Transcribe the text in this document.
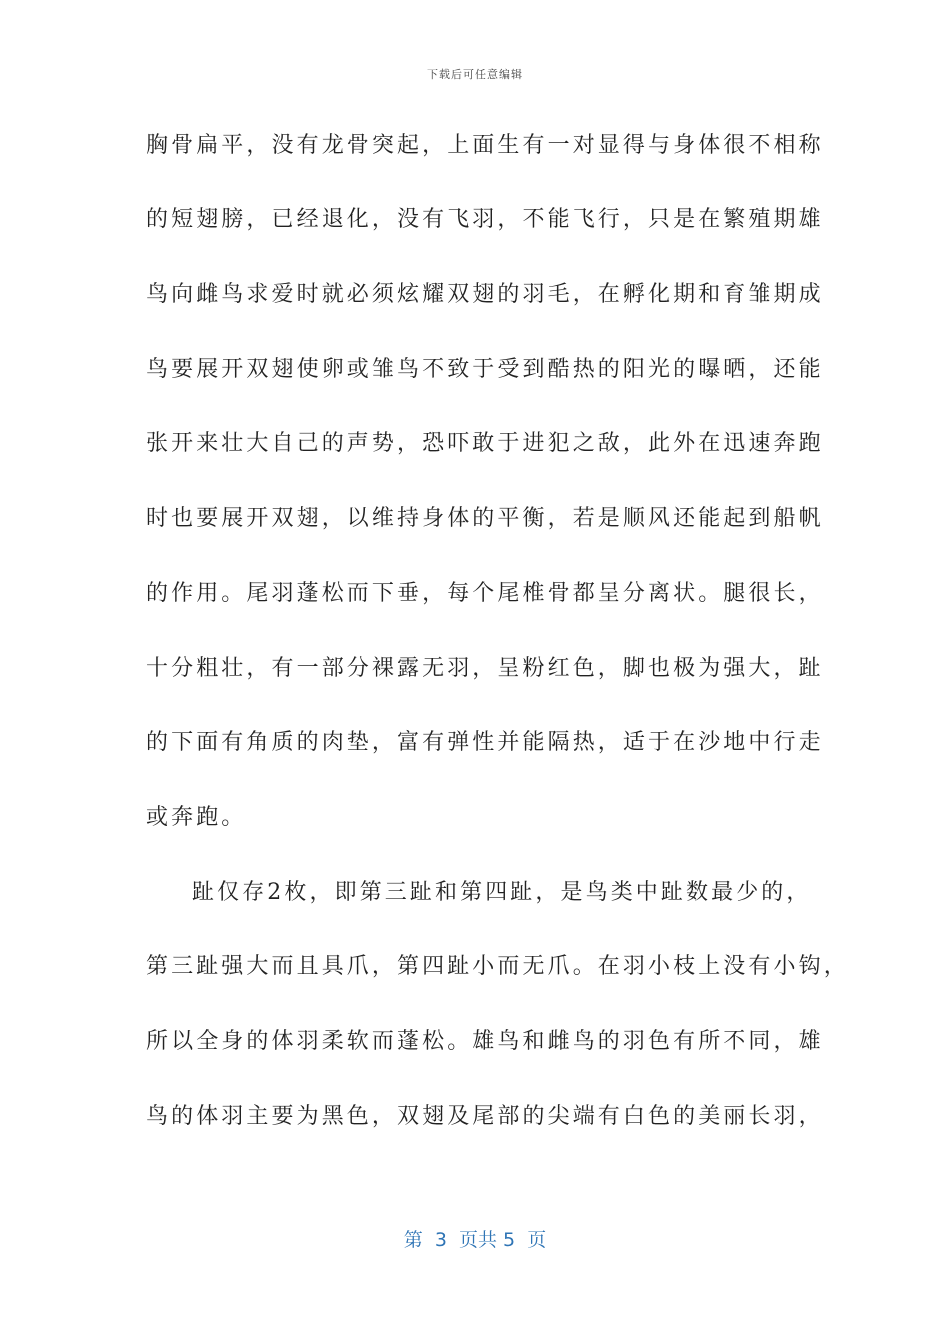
下载后可任意编辑
胸骨扁平，没有龙骨突起，上面生有一对显得与身体很不相称
的短翅膀，已经退化，没有飞羽，不能飞行，只是在繁殖期雄
鸟向雌鸟求爱时就必须炫耀双翅的羽毛，在孵化期和育雏期成
鸟要展开双翅使卵或雏鸟不致于受到酷热的阳光的曝晒，还能
张开来壮大自己的声势，恐吓敢于进犯之敌，此外在迅速奔跑
时也要展开双翅，以维持身体的平衡，若是顺风还能起到船帆
的作用。尾羽蓬松而下垂，每个尾椎骨都呈分离状。腿很长，
十分粗壮，有一部分裸露无羽，呈粉红色，脚也极为强大，趾
的下面有角质的肉垫，富有弹性并能隔热，适于在沙地中行走
或奔跑。
趾仅存2枚，即第三趾和第四趾，是鸟类中趾数最少的，
第三趾强大而且具爪，第四趾小而无爪。在羽小枝上没有小钩，
所以全身的体羽柔软而蓬松。雄鸟和雌鸟的羽色有所不同，雄
鸟的体羽主要为黑色，双翅及尾部的尖端有白色的美丽长羽，
第  3  页共 5  页
